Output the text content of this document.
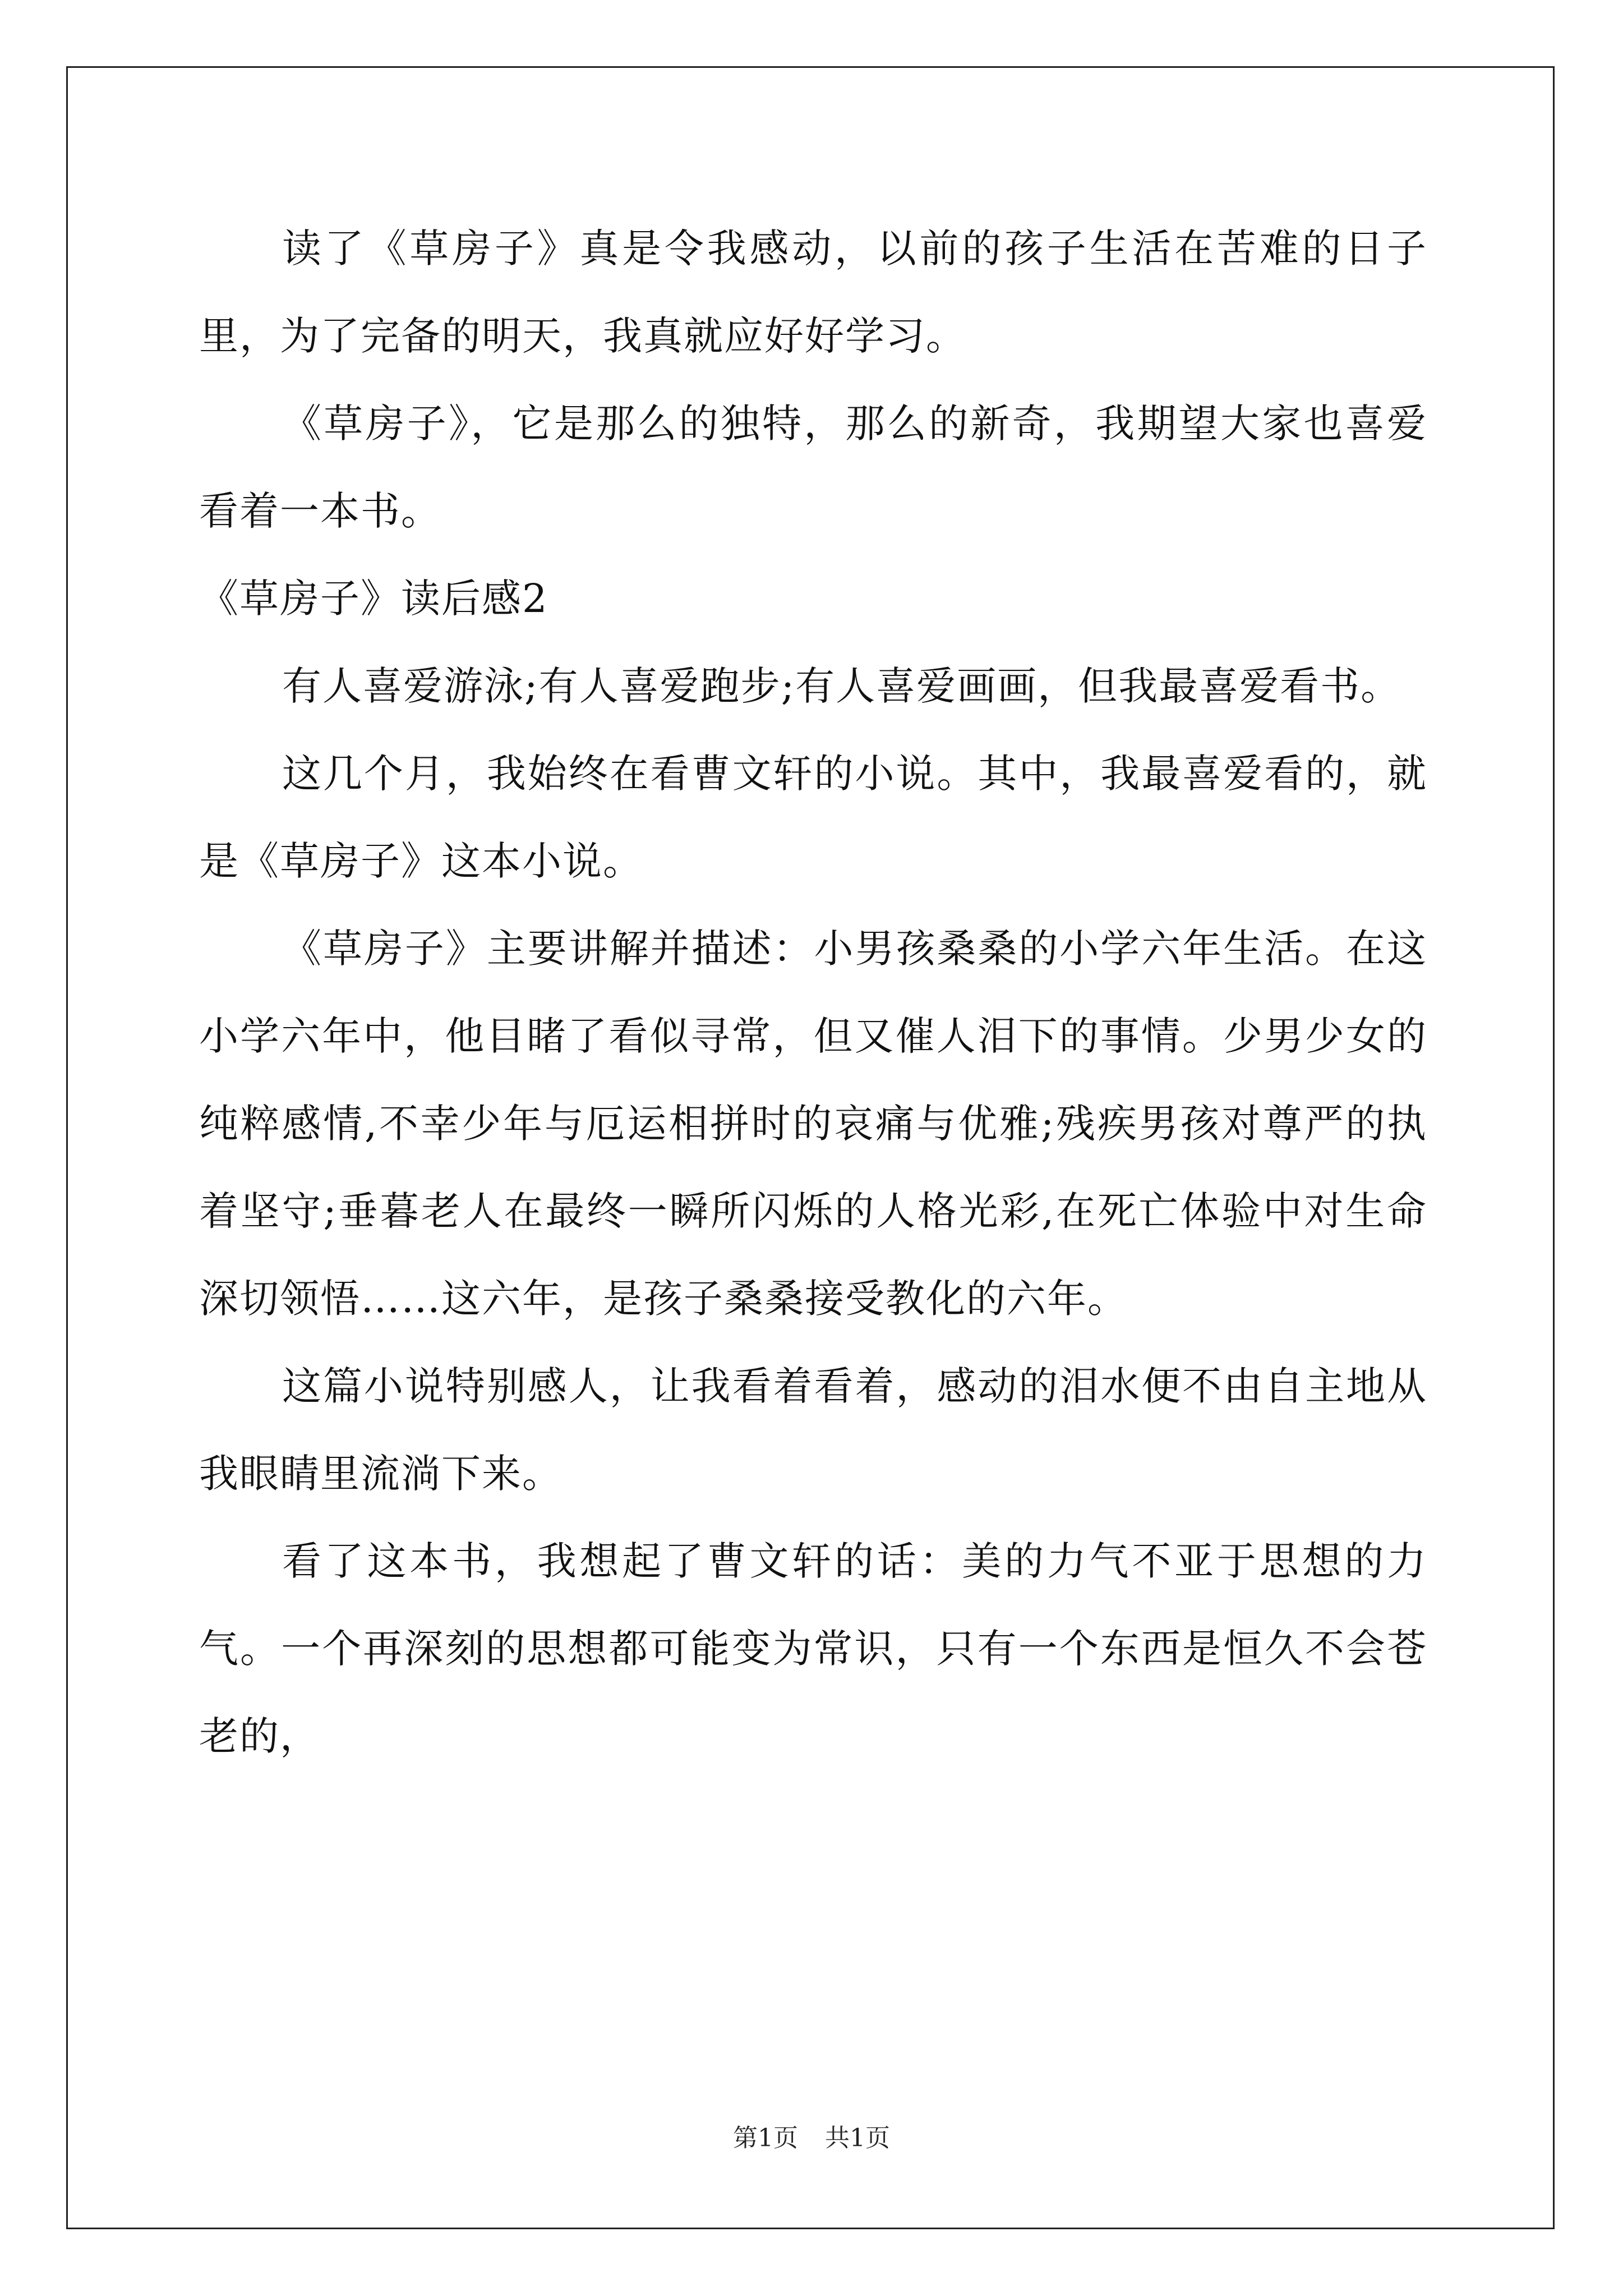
读了《草房子》真是令我感动，以前的孩子生活在苦难的日子里，为了完备的明天，我真就应好好学习。

《草房子》，它是那么的独特，那么的新奇，我期望大家也喜爱看着一本书。

《草房子》读后感2

有人喜爱游泳;有人喜爱跑步;有人喜爱画画，但我最喜爱看书。

这几个月，我始终在看曹文轩的小说。其中，我最喜爱看的，就是《草房子》这本小说。

《草房子》主要讲解并描述：小男孩桑桑的小学六年生活。在这小学六年中，他目睹了看似寻常，但又催人泪下的事情。少男少女的纯粹感情,不幸少年与厄运相拼时的哀痛与优雅;残疾男孩对尊严的执着坚守;垂暮老人在最终一瞬所闪烁的人格光彩,在死亡体验中对生命深切领悟……这六年，是孩子桑桑接受教化的六年。

这篇小说特别感人，让我看着看着，感动的泪水便不由自主地从我眼睛里流淌下来。

看了这本书，我想起了曹文轩的话：美的力气不亚于思想的力气。一个再深刻的思想都可能变为常识，只有一个东西是恒久不会苍老的，

第1页 共1页
